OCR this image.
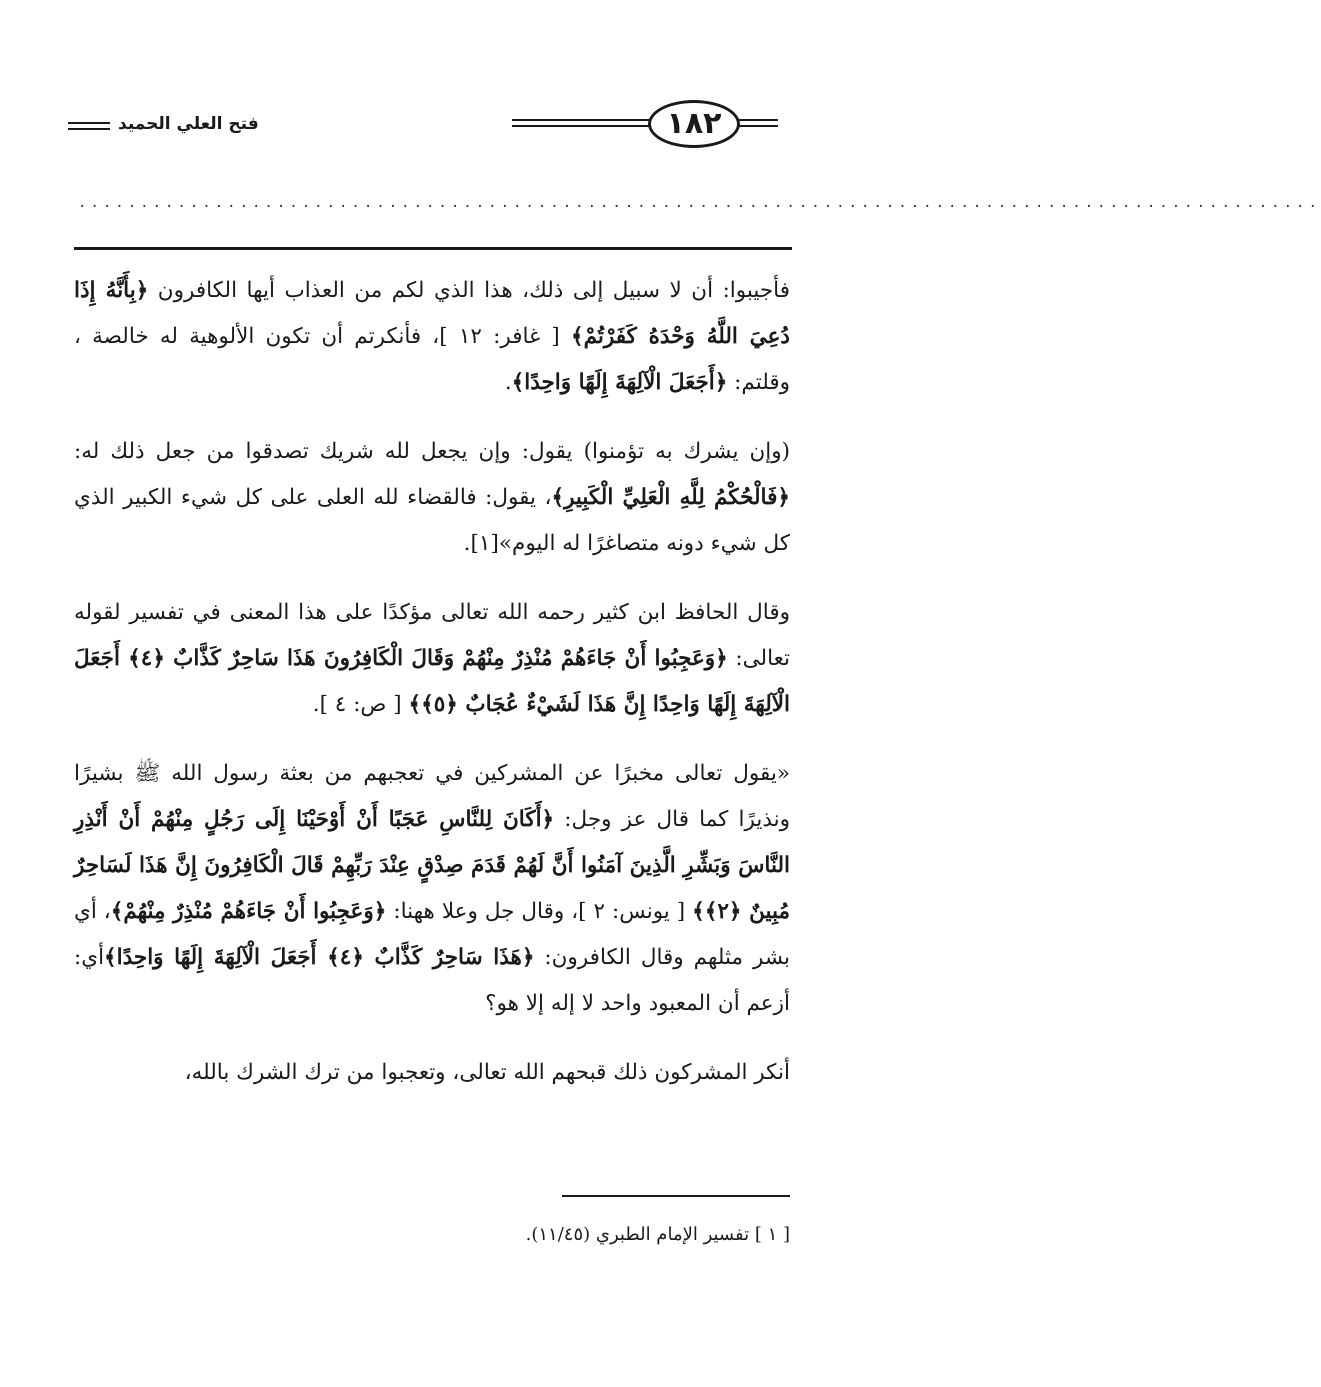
فتح العلي الحميد	١٨٢
....................................................................................................

فأجيبوا: أن لا سبيل إلى ذلك، هذا الذي لكم من العذاب أيها الكافرون ﴿بِأَنَّهُ إِذَا دُعِيَ اللَّهُ وَحْدَهُ كَفَرْتُمْ﴾ [ غافر: ١٢ ]، فأنكرتم أن تكون الألوهية له خالصة ، وقلتم: ﴿أَجَعَلَ الْآلِهَةَ إِلَهًا وَاحِدًا﴾.

(وإن يشرك به تؤمنوا) يقول: وإن يجعل لله شريك تصدقوا من جعل ذلك له: ﴿فَالْحُكْمُ لِلَّهِ الْعَلِيِّ الْكَبِيرِ﴾، يقول: فالقضاء لله العلى على كل شيء الكبير الذي كل شيء دونه متصاغرًا له اليوم»[١].

وقال الحافظ ابن كثير رحمه الله تعالى مؤكدًا على هذا المعنى في تفسير لقوله تعالى: ﴿وَعَجِبُوا أَنْ جَاءَهُمْ مُنْذِرٌ مِنْهُمْ وَقَالَ الْكَافِرُونَ هَذَا سَاحِرٌ كَذَّابٌ ﴿٤﴾ أَجَعَلَ الْآلِهَةَ إِلَهًا وَاحِدًا إِنَّ هَذَا لَشَيْءٌ عُجَابٌ ﴿٥﴾﴾ [ ص: ٤ ].

«يقول تعالى مخبرًا عن المشركين في تعجبهم من بعثة رسول الله ﷺ بشيرًا ونذيرًا كما قال عز وجل: ﴿أَكَانَ لِلنَّاسِ عَجَبًا أَنْ أَوْحَيْنَا إِلَى رَجُلٍ مِنْهُمْ أَنْ أَنْذِرِ النَّاسَ وَبَشِّرِ الَّذِينَ آمَنُوا أَنَّ لَهُمْ قَدَمَ صِدْقٍ عِنْدَ رَبِّهِمْ قَالَ الْكَافِرُونَ إِنَّ هَذَا لَسَاحِرٌ مُبِينٌ ﴿٢﴾﴾ [ يونس: ٢ ]، وقال جل وعلا ههنا: ﴿وَعَجِبُوا أَنْ جَاءَهُمْ مُنْذِرٌ مِنْهُمْ﴾، أي بشر مثلهم وقال الكافرون: ﴿هَذَا سَاحِرٌ كَذَّابٌ ﴿٤﴾ أَجَعَلَ الْآلِهَةَ إِلَهًا وَاحِدًا﴾أي: أزعم أن المعبود واحد لا إله إلا هو؟

أنكر المشركون ذلك قبحهم الله تعالى، وتعجبوا من ترك الشرك بالله،

[ ١ ] تفسير الإمام الطبري (١١/٤٥).
